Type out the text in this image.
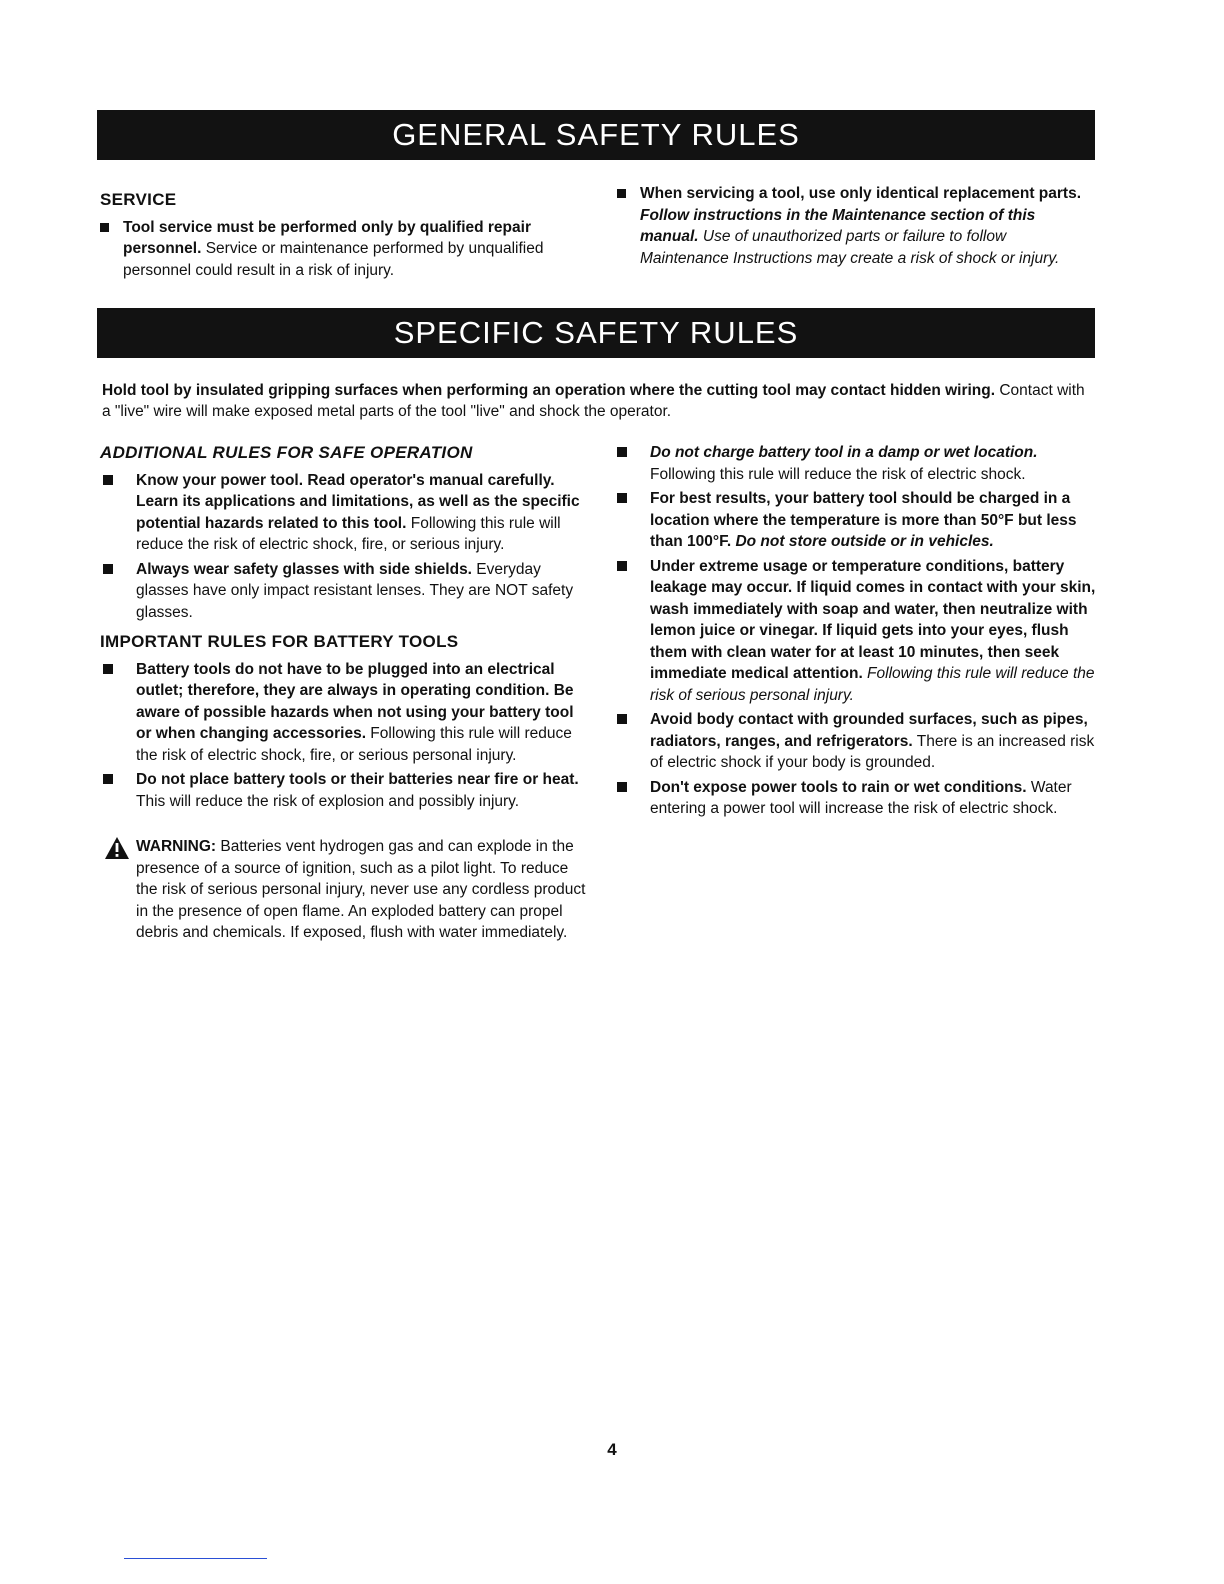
GENERAL SAFETY RULES
SERVICE
Tool service must be performed only by qualified repair personnel. Service or maintenance performed by unqualified personnel could result in a risk of injury.
When servicing a tool, use only identical replacement parts. Follow instructions in the Maintenance section of this manual. Use of unauthorized parts or failure to follow Maintenance Instructions may create a risk of shock or injury.
SPECIFIC SAFETY RULES
Hold tool by insulated gripping surfaces when performing an operation where the cutting tool may contact hidden wiring. Contact with a "live" wire will make exposed metal parts of the tool "live" and shock the operator.
ADDITIONAL RULES FOR SAFE OPERATION
Know your power tool. Read operator's manual carefully. Learn its applications and limitations, as well as the specific potential hazards related to this tool. Following this rule will reduce the risk of electric shock, fire, or serious injury.
Always wear safety glasses with side shields. Everyday glasses have only impact resistant lenses. They are NOT safety glasses.
IMPORTANT RULES FOR BATTERY TOOLS
Battery tools do not have to be plugged into an electrical outlet; therefore, they are always in operating condition. Be aware of possible hazards when not using your battery tool or when changing accessories. Following this rule will reduce the risk of electric shock, fire, or serious personal injury.
Do not place battery tools or their batteries near fire or heat. This will reduce the risk of explosion and possibly injury.
WARNING: Batteries vent hydrogen gas and can explode in the presence of a source of ignition, such as a pilot light. To reduce the risk of serious personal injury, never use any cordless product in the presence of open flame. An exploded battery can propel debris and chemicals. If exposed, flush with water immediately.
Do not charge battery tool in a damp or wet location. Following this rule will reduce the risk of electric shock.
For best results, your battery tool should be charged in a location where the temperature is more than 50°F but less than 100°F. Do not store outside or in vehicles.
Under extreme usage or temperature conditions, battery leakage may occur. If liquid comes in contact with your skin, wash immediately with soap and water, then neutralize with lemon juice or vinegar. If liquid gets into your eyes, flush them with clean water for at least 10 minutes, then seek immediate medical attention. Following this rule will reduce the risk of serious personal injury.
Avoid body contact with grounded surfaces, such as pipes, radiators, ranges, and refrigerators. There is an increased risk of electric shock if your body is grounded.
Don't expose power tools to rain or wet conditions. Water entering a power tool will increase the risk of electric shock.
4
